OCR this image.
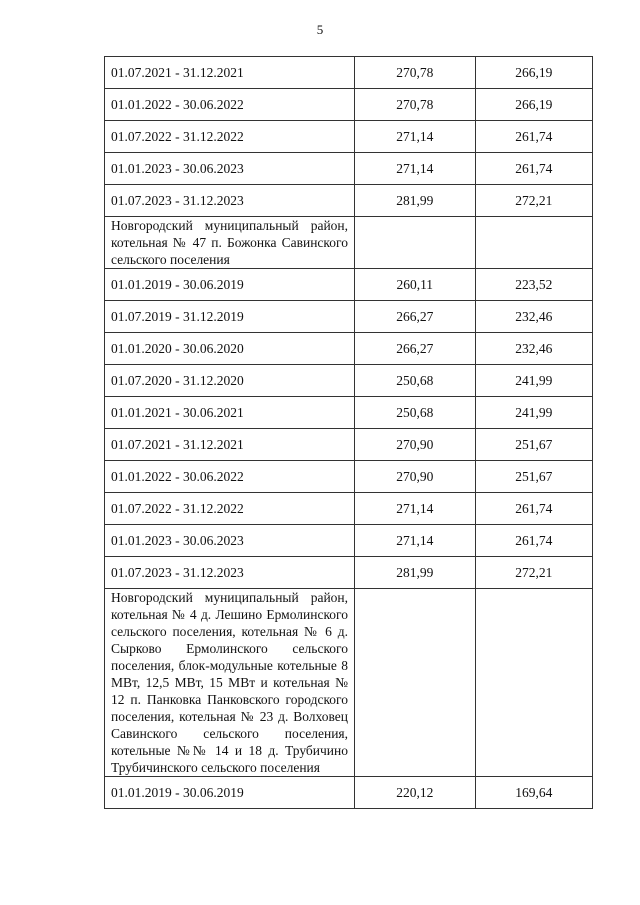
5
01.07.2021 - 31.12.2021	270,78	266,19
01.01.2022 - 30.06.2022	270,78	266,19
01.07.2022 - 31.12.2022	271,14	261,74
01.01.2023 - 30.06.2023	271,14	261,74
01.07.2023 - 31.12.2023	281,99	272,21
Новгородский муниципальный район, котельная № 47 п. Божонка Савинского сельского поселения		
01.01.2019 - 30.06.2019	260,11	223,52
01.07.2019 - 31.12.2019	266,27	232,46
01.01.2020 - 30.06.2020	266,27	232,46
01.07.2020 - 31.12.2020	250,68	241,99
01.01.2021 - 30.06.2021	250,68	241,99
01.07.2021 - 31.12.2021	270,90	251,67
01.01.2022 - 30.06.2022	270,90	251,67
01.07.2022 - 31.12.2022	271,14	261,74
01.01.2023 - 30.06.2023	271,14	261,74
01.07.2023 - 31.12.2023	281,99	272,21
Новгородский муниципальный район, котельная № 4 д. Лешино Ермолинского сельского поселения, котельная № 6 д. Сырково Ермолинского сельского поселения, блок-модульные котельные 8 МВт, 12,5 МВт, 15 МВт и котельная № 12 п. Панковка Панковского городского поселения, котельная № 23 д. Волховец Савинского сельского поселения, котельные №№ 14 и 18 д. Трубичино Трубичинского сельского поселения		
01.01.2019 - 30.06.2019	220,12	169,64
